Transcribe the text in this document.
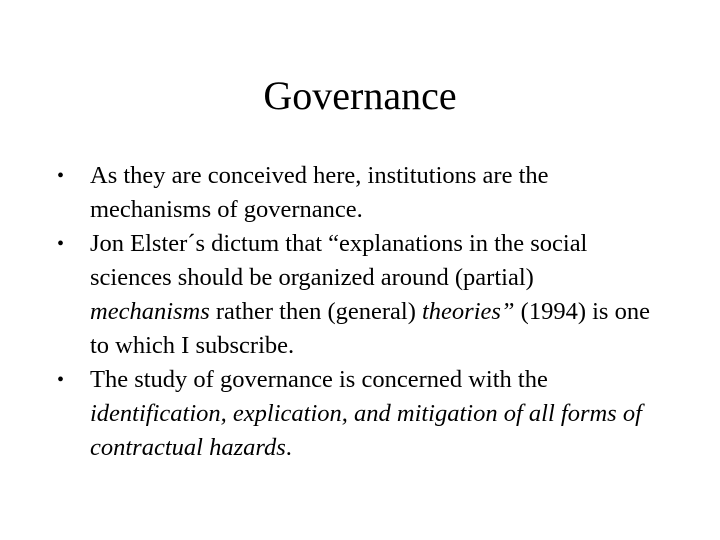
Governance
• As they are conceived here, institutions are the mechanisms of governance.
• Jon Elster´s dictum that “explanations in the social sciences should be organized around (partial) mechanisms rather then (general) theories” (1994) is one to which I subscribe.
• The study of governance is concerned with the identification, explication, and mitigation of all forms of contractual hazards.
